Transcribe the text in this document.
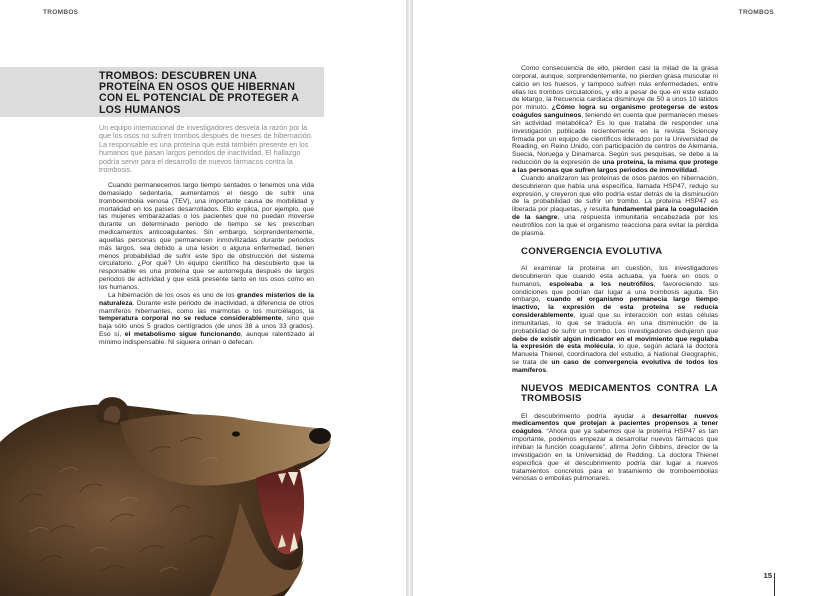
TROMBOS
TROMBOS: DESCUBREN UNA PROTEÍNA EN OSOS QUE HIBERNAN CON EL POTENCIAL DE PROTEGER A LOS HUMANOS

Un equipo internacional de investigadores desvela la razón por la que los osos no sufren trombos después de meses de hibernación. La responsable es una proteína que está también presente en los humanos que pasan largos periodos de inactividad. El hallazgo podría servir para el desarrollo de nuevos fármacos contra la trombosis.

Cuando permanecemos largo tiempo sentados o tenemos una vida demasiado sedentaria, aumentamos el riesgo de sufrir una tromboembolia venosa (TEV), una importante causa de morbilidad y mortalidad en los países desarrollados. Ello explica, por ejemplo, que las mujeres embarazadas o los pacientes que no puedan moverse durante un determinado periodo de tiempo se les prescriban medicamentos anticoagulantes. Sin embargo, sorprendentemente, aquellas personas que permanecen inmovilizadas durante periodos más largos, sea debido a una lesión o alguna enfermedad, tienen menos probabilidad de sufrir este tipo de obstrucción del sistema circulatorio. ¿Por qué? Un equipo científico ha descubierto que la responsable es una proteína que se autorregula después de largos periodos de actividad y que está presente tanto en los osos como en los humanos.

La hibernación de los osos es uno de los grandes misterios de la naturaleza. Durante este periodo de inactividad, a diferencia de otros mamíferos hibernantes, como las marmotas o los murciélagos, la temperatura corporal no se reduce considerablemente, sino que baja sólo unos 5 grados centígrados (de unos 38 a unos 33 grados). Eso sí, el metabolismo sigue funcionando, aunque ralentizado al mínimo indispensable. Ni siquiera orinan o defecan.

TROMBOS

Como consecuencia de ello, pierden casi la mitad de la grasa corporal, aunque, sorprendentemente, no pierden grasa muscular ni calcio en los huesos, y tampoco sufren más enfermedades, entre ellas los trombos circulatorios, y ello a pesar de que en este estado de letargo, la frecuencia cardiaca disminuye de 50 a unos 10 latidos por minuto. ¿Cómo logra su organismo protegerse de estos coágulos sanguíneos, teniendo en cuenta que permanecen meses sin actividad metabólica? Es lo que trataba de responder una investigación publicada recientemente en la revista Sciencey firmada por un equipo de científicos liderados por la Universidad de Reading, en Reino Unido, con participación de centros de Alemania, Suecia, Noruega y Dinamarca. Según sus pesquisas, se debe a la reducción de la expresión de una proteína, la misma que protege a las personas que sufren largos periodos de inmovilidad.

Cuando analizaron las proteínas de osos pardos en hibernación, descubrieron que había una específica, llamada HSP47, redujo su expresión, y creyeron que ello podría estar detrás de la disminución de la probabilidad de sufrir un trombo. La proteína HSP47 es liberada por plaquetas, y resulta fundamental para la coagulación de la sangre, una respuesta inmunitaria encabezada por los neutrófilos con la que el organismo reacciona para evitar la pérdida de plasma.

CONVERGENCIA EVOLUTIVA

Al examinar la proteína en cuestión, los investigadores descubrieron que cuando esta actuaba, ya fuera en osos o humanos, espoleaba a los neutrófilos, favoreciendo las condiciones que podrían dar lugar a una trombosis aguda. Sin embargo, cuando el organismo permanecía largo tiempo inactivo, la expresión de esta proteína se reducía considerablemente, igual que su interacción con estas células inmunitarias, lo que se traducía en una disminución de la probabilidad de sufrir un trombo. Los investigadores dedujeron que debe de existir algún indicador en el movimiento que regulaba la expresión de esta molécula, lo que, según aclara la doctora Manuela Thienel, coordinadora del estudio, a National Geographic, se trata de un caso de convergencia evolutiva de todos los mamíferos.

NUEVOS MEDICAMENTOS CONTRA LA TROMBOSIS

El descubrimiento podría ayudar a desarrollar nuevos medicamentos que protejan a pacientes propensos a tener coágulos. “Ahora que ya sabemos que la proteína HSP47 es tan importante, podemos empezar a desarrollar nuevos fármacos que inhiban la función coagulante”, afirma John Gibbins, director de la investigación en la Universidad de Redding. La doctora Thienel especifica que el descubrimiento podría dar lugar a nuevos tratamientos concretos para el tratamiento de tromboembolias venosas o embolias pulmonares.

15
